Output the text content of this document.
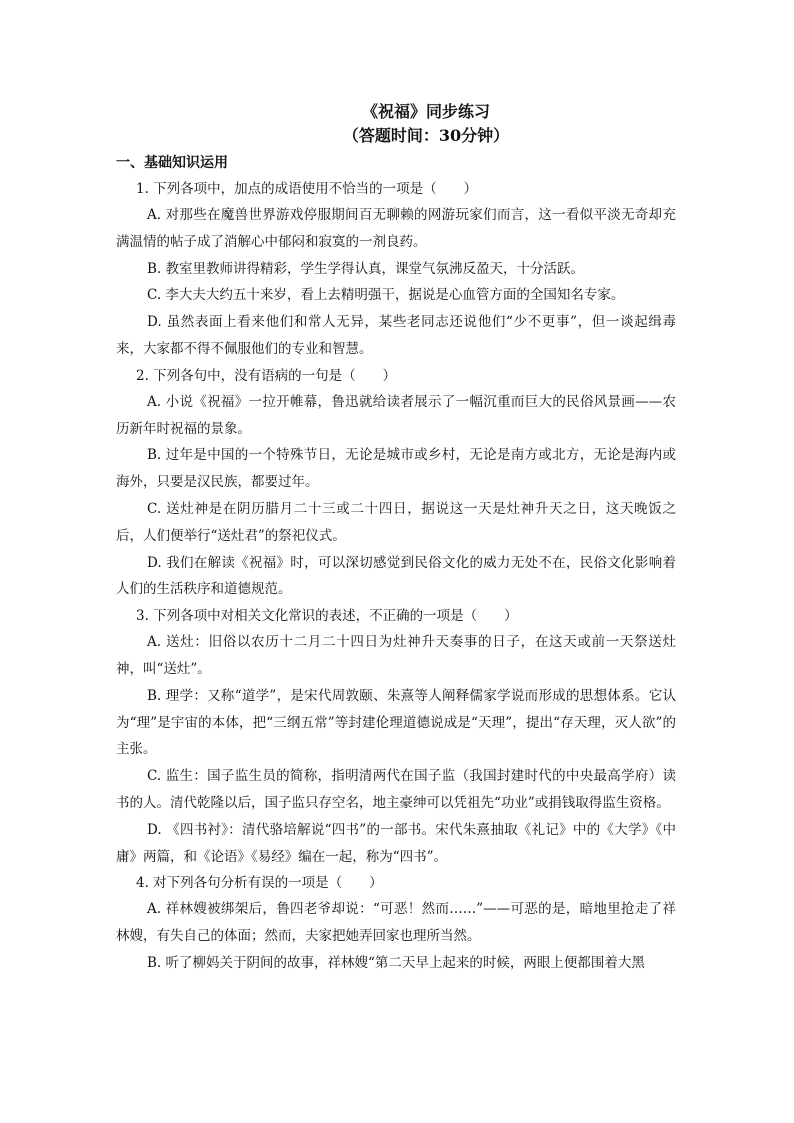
《祝福》同步练习

（答题时间：30分钟）

一、基础知识运用

1. 下列各项中，加点的成语使用不恰当的一项是（　　）

A. 对那些在魔兽世界游戏停服期间百无聊赖的网游玩家们而言，这一看似平淡无奇却充满温情的帖子成了消解心中郁闷和寂寞的一剂良药。

B. 教室里教师讲得精彩，学生学得认真，课堂气氛沸反盈天，十分活跃。

C. 李大夫大约五十来岁，看上去精明强干，据说是心血管方面的全国知名专家。

D. 虽然表面上看来他们和常人无异，某些老同志还说他们“少不更事”，但一谈起缉毒来，大家都不得不佩服他们的专业和智慧。

2. 下列各句中，没有语病的一句是（　　）

A. 小说《祝福》一拉开帷幕，鲁迅就给读者展示了一幅沉重而巨大的民俗风景画——农历新年时祝福的景象。

B. 过年是中国的一个特殊节日，无论是城市或乡村，无论是南方或北方，无论是海内或海外，只要是汉民族，都要过年。

C. 送灶神是在阴历腊月二十三或二十四日，据说这一天是灶神升天之日，这天晚饭之后，人们便举行“送灶君”的祭祀仪式。

D. 我们在解读《祝福》时，可以深切感觉到民俗文化的威力无处不在，民俗文化影响着人们的生活秩序和道德规范。

3. 下列各项中对相关文化常识的表述，不正确的一项是（　　）

A. 送灶：旧俗以农历十二月二十四日为灶神升天奏事的日子，在这天或前一天祭送灶神，叫“送灶”。

B. 理学：又称“道学”，是宋代周敦颐、朱熹等人阐释儒家学说而形成的思想体系。它认为“理”是宇宙的本体，把“三纲五常”等封建伦理道德说成是“天理”，提出“存天理，灭人欲”的主张。

C. 监生：国子监生员的简称，指明清两代在国子监（我国封建时代的中央最高学府）读书的人。清代乾隆以后，国子监只存空名，地主豪绅可以凭祖先“功业”或捐钱取得监生资格。

D. 《四书衬》：清代骆培解说“四书”的一部书。宋代朱熹抽取《礼记》中的《大学》《中庸》两篇，和《论语》《易经》编在一起，称为“四书”。

4. 对下列各句分析有误的一项是（　　）

A. 祥林嫂被绑架后，鲁四老爷却说：“可恶！然而……”——可恶的是，暗地里抢走了祥林嫂，有失自己的体面；然而，夫家把她弄回家也理所当然。

B. 听了柳妈关于阴间的故事，祥林嫂“第二天早上起来的时候，两眼上便都围着大黑
